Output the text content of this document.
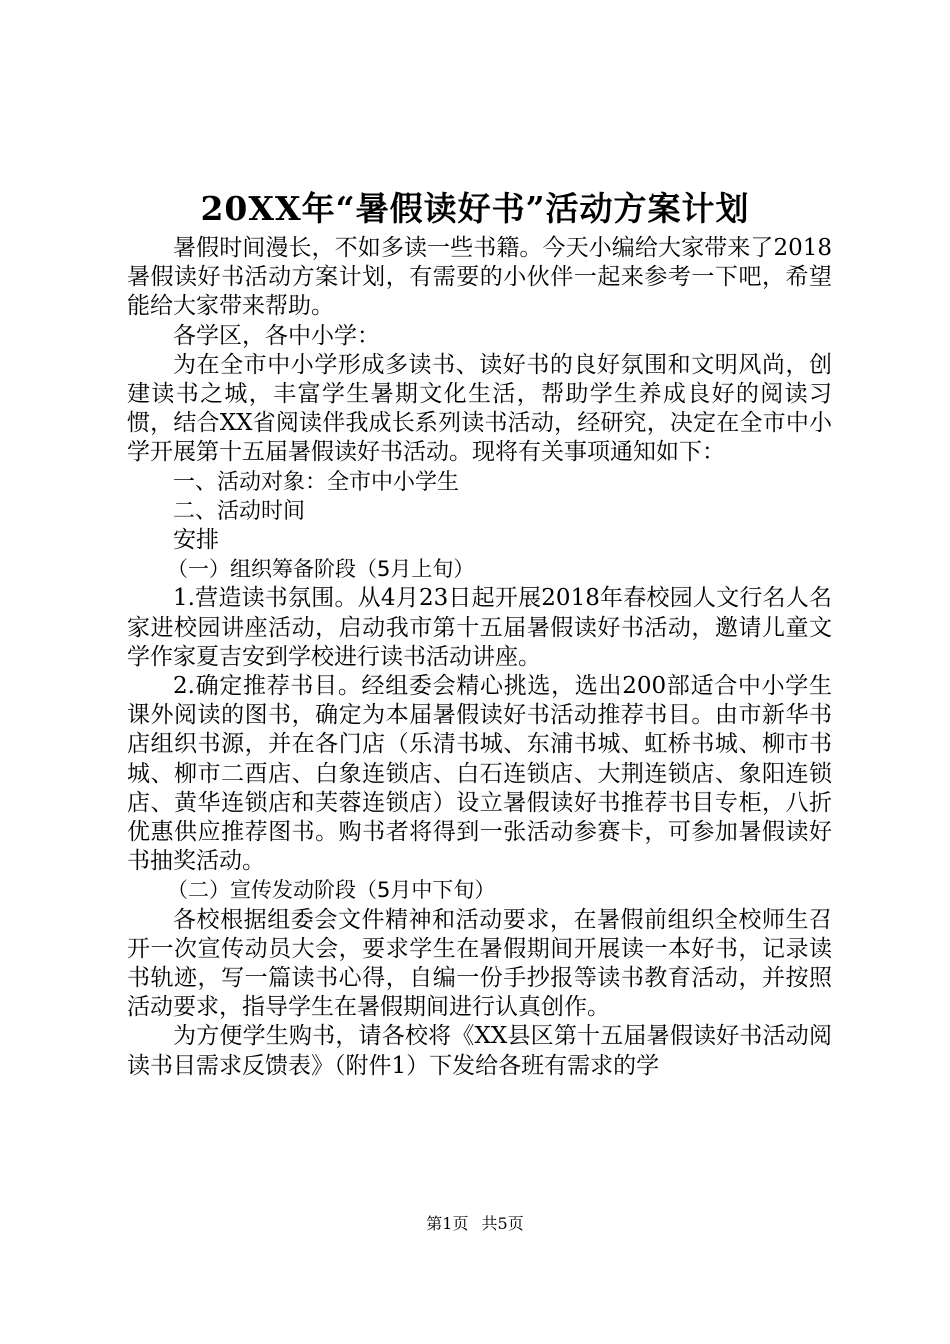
20XX年“暑假读好书”活动方案计划

暑假时间漫长，不如多读一些书籍。今天小编给大家带来了2018暑假读好书活动方案计划，有需要的小伙伴一起来参考一下吧，希望能给大家带来帮助。

各学区，各中小学：

为在全市中小学形成多读书、读好书的良好氛围和文明风尚，创建读书之城，丰富学生暑期文化生活，帮助学生养成良好的阅读习惯，结合XX省阅读伴我成长系列读书活动，经研究，决定在全市中小学开展第十五届暑假读好书活动。现将有关事项通知如下：

一、活动对象：全市中小学生

二、活动时间

安排

（一）组织筹备阶段（5月上旬）

1.营造读书氛围。从4月23日起开展2018年春校园人文行名人名家进校园讲座活动，启动我市第十五届暑假读好书活动，邀请儿童文学作家夏吉安到学校进行读书活动讲座。

2.确定推荐书目。经组委会精心挑选，选出200部适合中小学生课外阅读的图书，确定为本届暑假读好书活动推荐书目。由市新华书店组织书源，并在各门店（乐清书城、东浦书城、虹桥书城、柳市书城、柳市二酉店、白象连锁店、白石连锁店、大荆连锁店、象阳连锁店、黄华连锁店和芙蓉连锁店）设立暑假读好书推荐书目专柜，八折优惠供应推荐图书。购书者将得到一张活动参赛卡，可参加暑假读好书抽奖活动。

（二）宣传发动阶段（5月中下旬）

各校根据组委会文件精神和活动要求，在暑假前组织全校师生召开一次宣传动员大会，要求学生在暑假期间开展读一本好书，记录读书轨迹，写一篇读书心得，自编一份手抄报等读书教育活动，并按照活动要求，指导学生在暑假期间进行认真创作。

为方便学生购书，请各校将《XX县区第十五届暑假读好书活动阅读书目需求反馈表》（附件1）下发给各班有需求的学

第1页 共5页
